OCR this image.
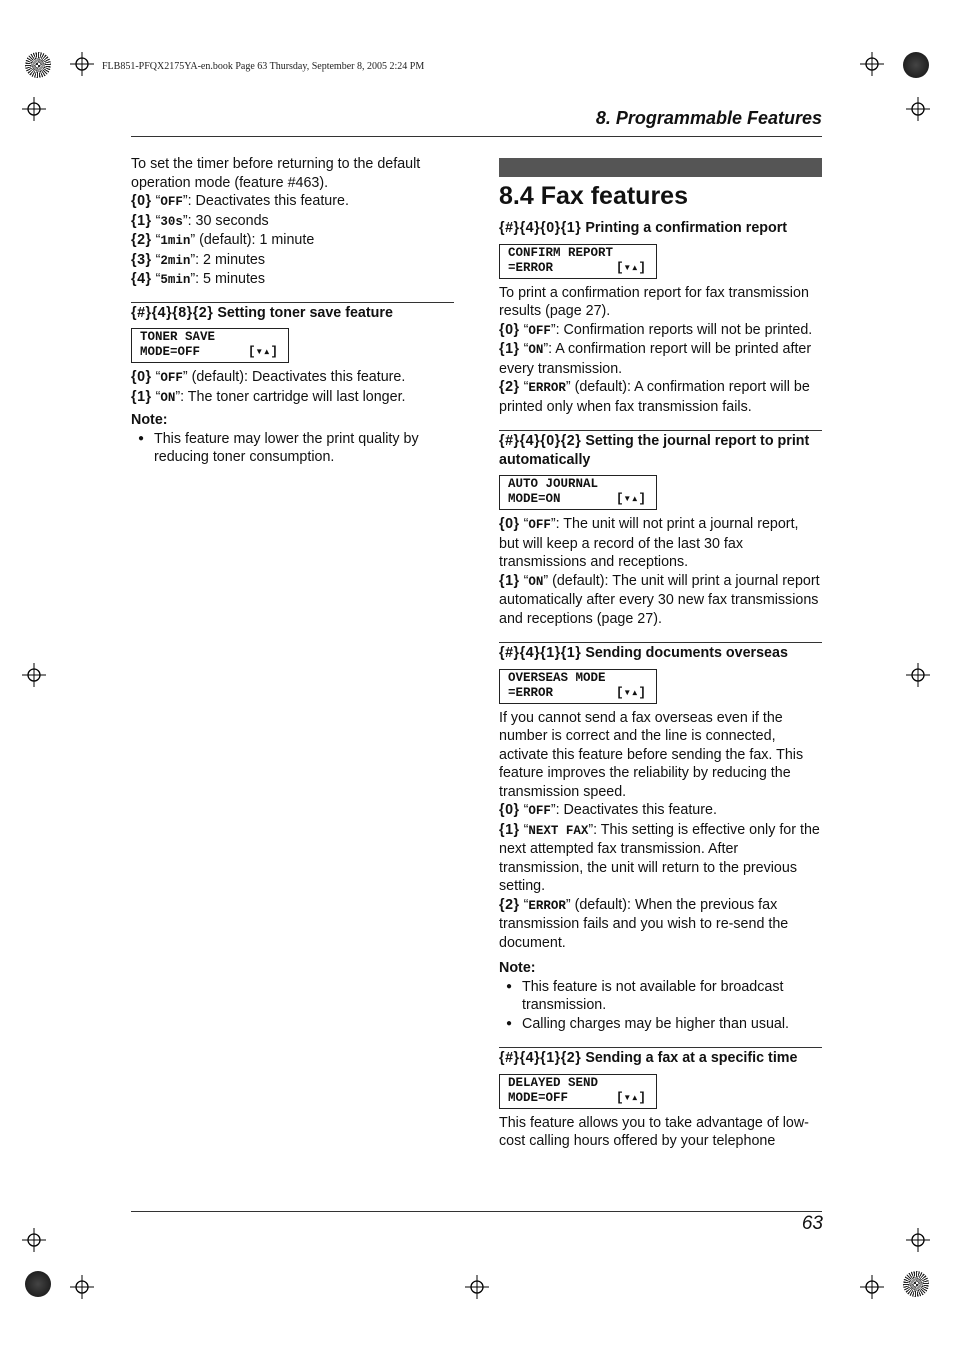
FLB851-PFQX2175YA-en.book Page 63 Thursday, September 8, 2005 2:24 PM
8. Programmable Features

To set the timer before returning to the default operation mode (feature #463).

{0} “OFF”: Deactivates this feature.

{1} “30s”: 30 seconds

{2} “1min” (default): 1 minute

{3} “2min”: 2 minutes

{4} “5min”: 5 minutes

{#}{4}{8}{2} Setting toner save feature
TONER SAVE
MODE=OFF	[▾▴]

{0} “OFF” (default): Deactivates this feature.

{1} “ON”: The toner cartridge will last longer.

Note:
● This feature may lower the print quality by reducing toner consumption.
8.4 Fax features
{#}{4}{0}{1} Printing a confirmation report
CONFIRM REPORT
=ERROR	[▾▴]

To print a confirmation report for fax transmission results (page 27).

{0} “OFF”: Confirmation reports will not be printed.

{1} “ON”: A confirmation report will be printed after every transmission.

{2} “ERROR” (default): A confirmation report will be printed only when fax transmission fails.

{#}{4}{0}{2} Setting the journal report to print automatically
AUTO JOURNAL
MODE=ON	[▾▴]

{0} “OFF”: The unit will not print a journal report, but will keep a record of the last 30 fax transmissions and receptions.

{1} “ON” (default): The unit will print a journal report automatically after every 30 new fax transmissions and receptions (page 27).

{#}{4}{1}{1} Sending documents overseas
OVERSEAS MODE
=ERROR	[▾▴]

If you cannot send a fax overseas even if the number is correct and the line is connected, activate this feature before sending the fax. This feature improves the reliability by reducing the transmission speed.

{0} “OFF”: Deactivates this feature.

{1} “NEXT FAX”: This setting is effective only for the next attempted fax transmission. After transmission, the unit will return to the previous setting.

{2} “ERROR” (default): When the previous fax transmission fails and you wish to re-send the document.

Note:
● This feature is not available for broadcast transmission.
● Calling charges may be higher than usual.
{#}{4}{1}{2} Sending a fax at a specific time
DELAYED SEND
MODE=OFF	[▾▴]

This feature allows you to take advantage of low-cost calling hours offered by your telephone

63
